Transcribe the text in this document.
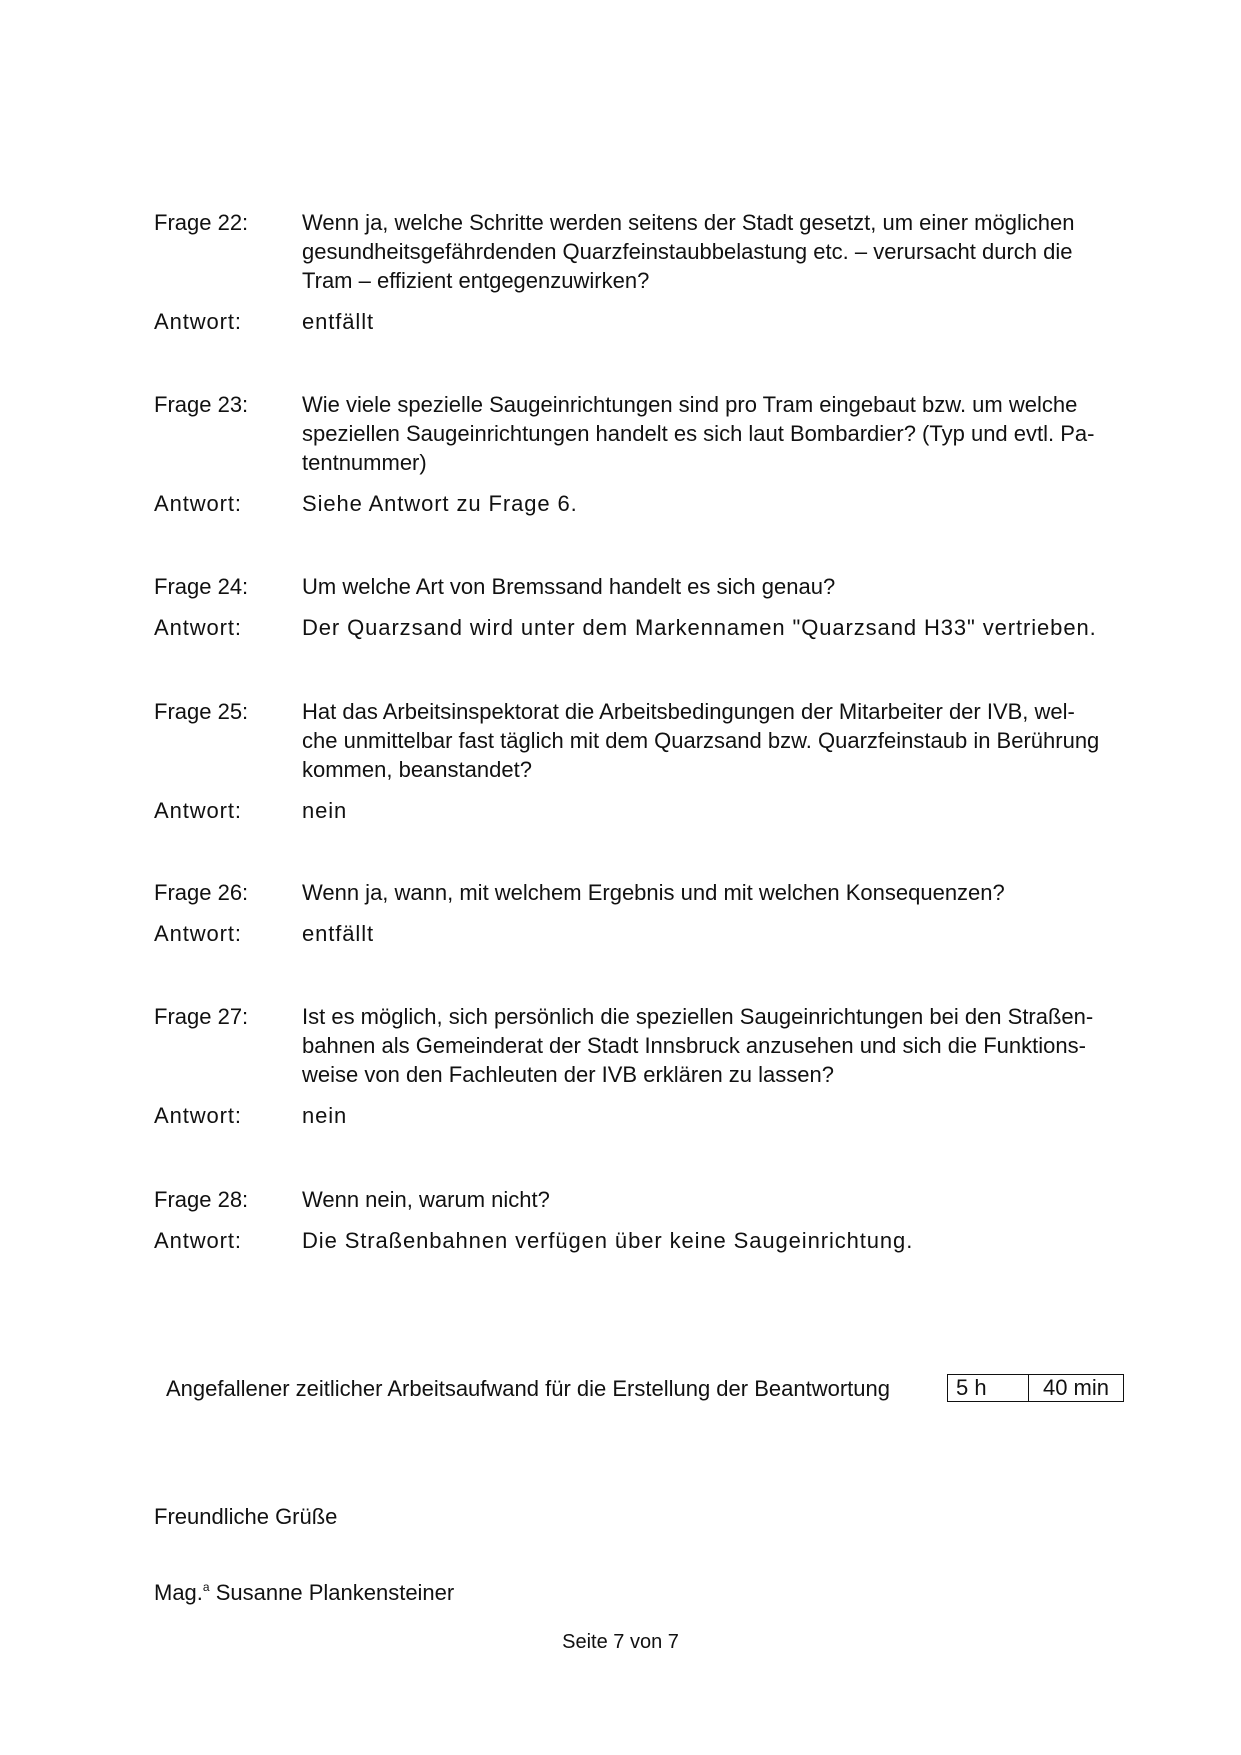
Frage 22:	Wenn ja, welche Schritte werden seitens der Stadt gesetzt, um einer möglichen
gesundheitsgefährdenden Quarzfeinstaubbelastung etc. – verursacht durch die
Tram – effizient entgegenzuwirken?
Antwort:	entfällt
Frage 23:	Wie viele spezielle Saugeinrichtungen sind pro Tram eingebaut bzw. um welche
speziellen Saugeinrichtungen handelt es sich laut Bombardier? (Typ und evtl. Pa-
tentnummer)
Antwort:	Siehe Antwort zu Frage 6.
Frage 24:	Um welche Art von Bremssand handelt es sich genau?
Antwort:	Der Quarzsand wird unter dem Markennamen "Quarzsand H33" vertrieben.
Frage 25:	Hat das Arbeitsinspektorat die Arbeitsbedingungen der Mitarbeiter der IVB, wel-
che unmittelbar fast täglich mit dem Quarzsand bzw. Quarzfeinstaub in Berührung
kommen, beanstandet?
Antwort:	nein
Frage 26:	Wenn ja, wann, mit welchem Ergebnis und mit welchen Konsequenzen?
Antwort:	entfällt
Frage 27:	Ist es möglich, sich persönlich die speziellen Saugeinrichtungen bei den Straßen-
bahnen als Gemeinderat der Stadt Innsbruck anzusehen und sich die Funktions-
weise von den Fachleuten der IVB erklären zu lassen?
Antwort:	nein
Frage 28:	Wenn nein, warum nicht?
Antwort:	Die Straßenbahnen verfügen über keine Saugeinrichtung.
Angefallener zeitlicher Arbeitsaufwand für die Erstellung der Beantwortung	5 h	40 min
Freundliche Grüße
Mag.$^a$ Susanne Plankensteiner
Seite 7 von 7
